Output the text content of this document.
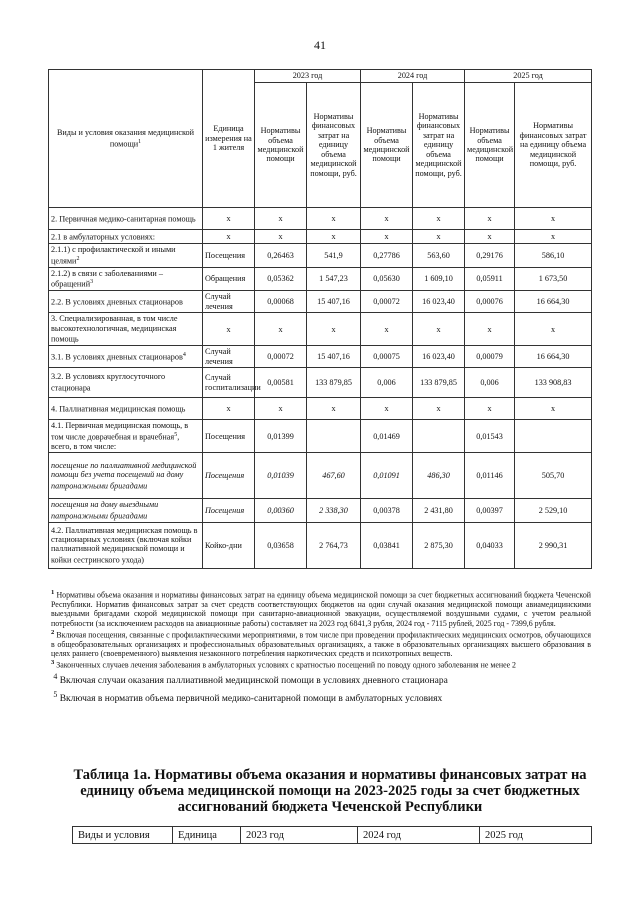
41
Виды и условия оказания медицинской помощи$^1$	Единица измерения на 1 жителя	2023 год		2024 год		2025 год	
		Нормативы объема медицинской помощи	Нормативы финансовых затрат на единицу объема медицинской помощи, руб.	Нормативы объема медицинской помощи	Нормативы финансовых затрат на единицу объема медицинской помощи, руб.	Нормативы объема медицинской помощи	Нормативы финансовых затрат на единицу объема медицинской помощи, руб.
2. Первичная медико-санитарная помощь	х	х	х	х	х	х	х
2.1 в амбулаторных условиях:	х	х	х	х	х	х	х
2.1.1) с профилактической и иными целями$^2$	Посещения	0,26463	541,9	0,27786	563,60	0,29176	586,10
2.1.2) в связи с заболеваниями – обращений$^3$	Обращения	0,05362	1 547,23	0,05630	1 609,10	0,05911	1 673,50
2.2. В условиях дневных стационаров	Случай лечения	0,00068	15 407,16	0,00072	16 023,40	0,00076	16 664,30
3. Специализированная, в том числе высокотехнологичная, медицинская помощь	х	х	х	х	х	х	х
3.1. В условиях дневных стационаров$^4$	Случай лечения	0,00072	15 407,16	0,00075	16 023,40	0,00079	16 664,30
3.2. В условиях круглосуточного стационара	Случай госпитализации	0,00581	133 879,85	0,006	133 879,85	0,006	133 908,83
4. Паллиативная медицинская помощь	х	х	х	х	х	х	х
4.1. Первичная медицинская помощь, в том числе доврачебная и врачебная$^5$, всего, в том числе:	Посещения	0,01399		0,01469		0,01543	
посещение по паллиативной медицинской помощи без учета посещений на дому патронажными бригадами	Посещения	0,01039	467,60	0,01091	486,30	0,01146	505,70
посещения на дому выездными патронажными бригадами	Посещения	0,00360	2 338,30	0,00378	2 431,80	0,00397	2 529,10
4.2. Паллиативная медицинская помощь в стационарных условиях (включая койки паллиативной медицинской помощи и койки сестринского ухода)	Койко-дни	0,03658	2 764,73	0,03841	2 875,30	0,04033	2 990,31

$^1$ Нормативы объема оказания и нормативы финансовых затрат на единицу объема медицинской помощи за счет бюджетных ассигнований бюджета Чеченской Республики. Норматив финансовых затрат за счет средств соответствующих бюджетов на один случай оказания медицинской помощи авиамедицинскими выездными бригадами скорой медицинской помощи при санитарно-авиационной эвакуации, осуществляемой воздушными судами, с учетом реальной потребности (за исключением расходов на авиационные работы) составляет на 2023 год 6841,3 рубля, 2024 год - 7115 рублей, 2025 год - 7399,6 рубля.

$^2$ Включая посещения, связанные с профилактическими мероприятиями, в том числе при проведении профилактических медицинских осмотров, обучающихся в общеобразовательных организациях и профессиональных образовательных организациях, а также в образовательных организациях высшего образования в целях раннего (своевременного) выявления незаконного потребления наркотических средств и психотропных веществ.

$^3$ Законченных случаев лечения заболевания в амбулаторных условиях с кратностью посещений по поводу одного заболевания не менее 2

$^4$ Включая случаи оказания паллиативной медицинской помощи в условиях дневного стационара

$^5$ Включая в норматив объема первичной медико-санитарной помощи в амбулаторных условиях

Таблица 1а. Нормативы объема оказания и нормативы финансовых затрат на единицу объема медицинской помощи на 2023-2025 годы за счет бюджетных ассигнований бюджета Чеченской Республики
Виды и условия	Единица	2023 год	2024 год	2025 год
